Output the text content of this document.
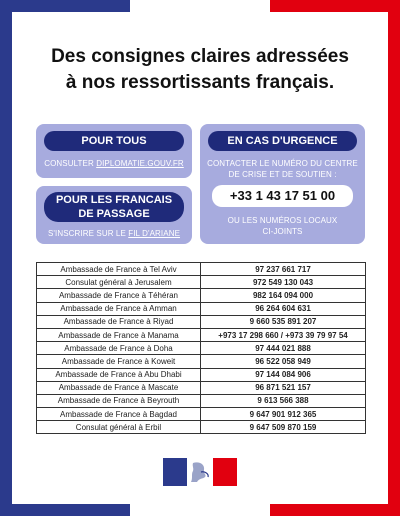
Des consignes claires adressées
à nos ressortissants français.
POUR TOUS
CONSULTER DIPLOMATIE.GOUV.FR
POUR LES FRANCAIS
DE PASSAGE
S'INSCRIRE SUR LE FIL D'ARIANE
EN CAS D'URGENCE
CONTACTER LE NUMÉRO DU CENTRE
DE CRISE ET DE SOUTIEN :
+33 1 43 17 51 00
OU LES NUMÉROS LOCAUX
CI-JOINTS
Ambassade de France à Tel Aviv	97 237 661 717
Consulat général à Jerusalem	972 549 130 043
Ambassade de France à Téhéran	982 164 094 000
Ambassade de France à Amman	96 264 604 631
Ambassade de France à Riyad	9 660 535 891 207
Ambassade de France à Manama	+973 17 298 660 / +973 39 79 97 54
Ambassade de France à Doha	97 444 021 888
Ambassade de France à Koweit	96 522 058 949
Ambassade de France à Abu Dhabi	97 144 084 906
Ambassade de France à Mascate	96 871 521 157
Ambassade de France à Beyrouth	9 613 566 388
Ambassade de France à Bagdad	9 647 901 912 365
Consulat général à Erbil	9 647 509 870 159
